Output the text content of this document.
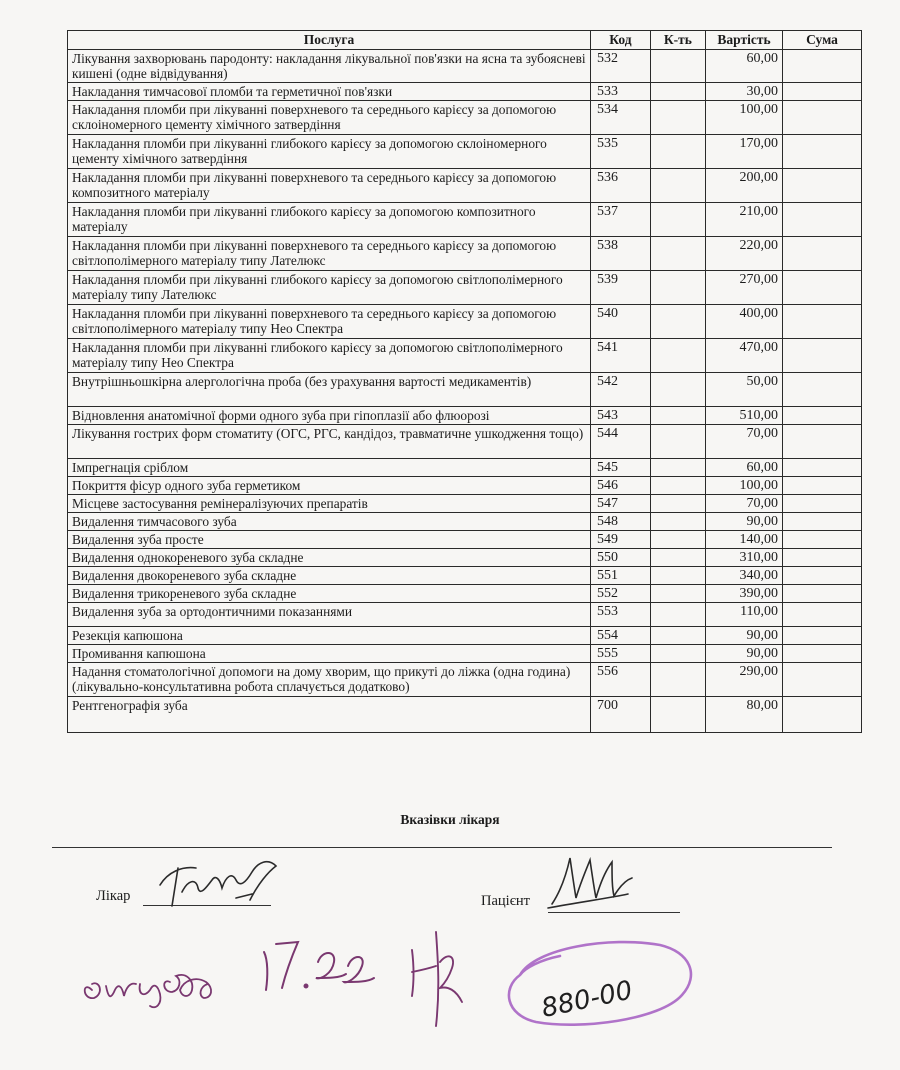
Послуга	Код	К-ть	Вартість	Сума
Лікування захворювань пародонту: накладання лікувальної пов'язки на ясна та зубоясневі кишені (одне відвідування)	532		60,00	
Накладання тимчасової пломби та герметичної пов'язки	533		30,00	
Накладання пломби при лікуванні поверхневого та середнього карієсу за допомогою склоіномерного цементу хімічного затвердіння	534		100,00	
Накладання пломби при лікуванні глибокого карієсу за допомогою склоіномерного цементу хімічного затвердіння	535		170,00	
Накладання пломби при лікуванні поверхневого та середнього карієсу за допомогою композитного матеріалу	536		200,00	
Накладання пломби при лікуванні глибокого карієсу за допомогою композитного матеріалу	537		210,00	
Накладання пломби при лікуванні поверхневого та середнього карієсу за допомогою світлополімерного матеріалу типу Лателюкс	538		220,00	
Накладання пломби при лікуванні глибокого карієсу за допомогою світлополімерного матеріалу типу Лателюкс	539		270,00	
Накладання пломби при лікуванні поверхневого та середнього карієсу за допомогою світлополімерного матеріалу типу Нео Спектра	540		400,00	
Накладання пломби при лікуванні глибокого карієсу за допомогою світлополімерного матеріалу типу Нео Спектра	541		470,00	
Внутрішньошкірна алергологічна проба (без урахування вартості медикаментів)	542		50,00	
Відновлення анатомічної форми одного зуба при гіпоплазії або флюорозі	543		510,00	
Лікування гострих форм стоматиту (ОГС, РГС, кандідоз, травматичне ушкодження тощо)	544		70,00	
Імпрегнація сріблом	545		60,00	
Покриття фісур одного зуба герметиком	546		100,00	
Місцеве застосування ремінералізуючих препаратів	547		70,00	
Видалення тимчасового зуба	548		90,00	
Видалення зуба просте	549		140,00	
Видалення однокореневого зуба складне	550		310,00	
Видалення двокореневого зуба складне	551		340,00	
Видалення трикореневого зуба складне	552		390,00	
Видалення зуба за ортодонтичними показаннями	553		110,00	
Резекція капюшона	554		90,00	
Промивання капюшона	555		90,00	
Надання стоматологічної допомоги на дому хворим, що прикуті до ліжка (одна година) (лікувально-консультативна робота сплачується додатково)	556		290,00	
Рентгенографія зуба	700		80,00	
Вказівки лікаря
Лікар	Пацієнт
880-00
